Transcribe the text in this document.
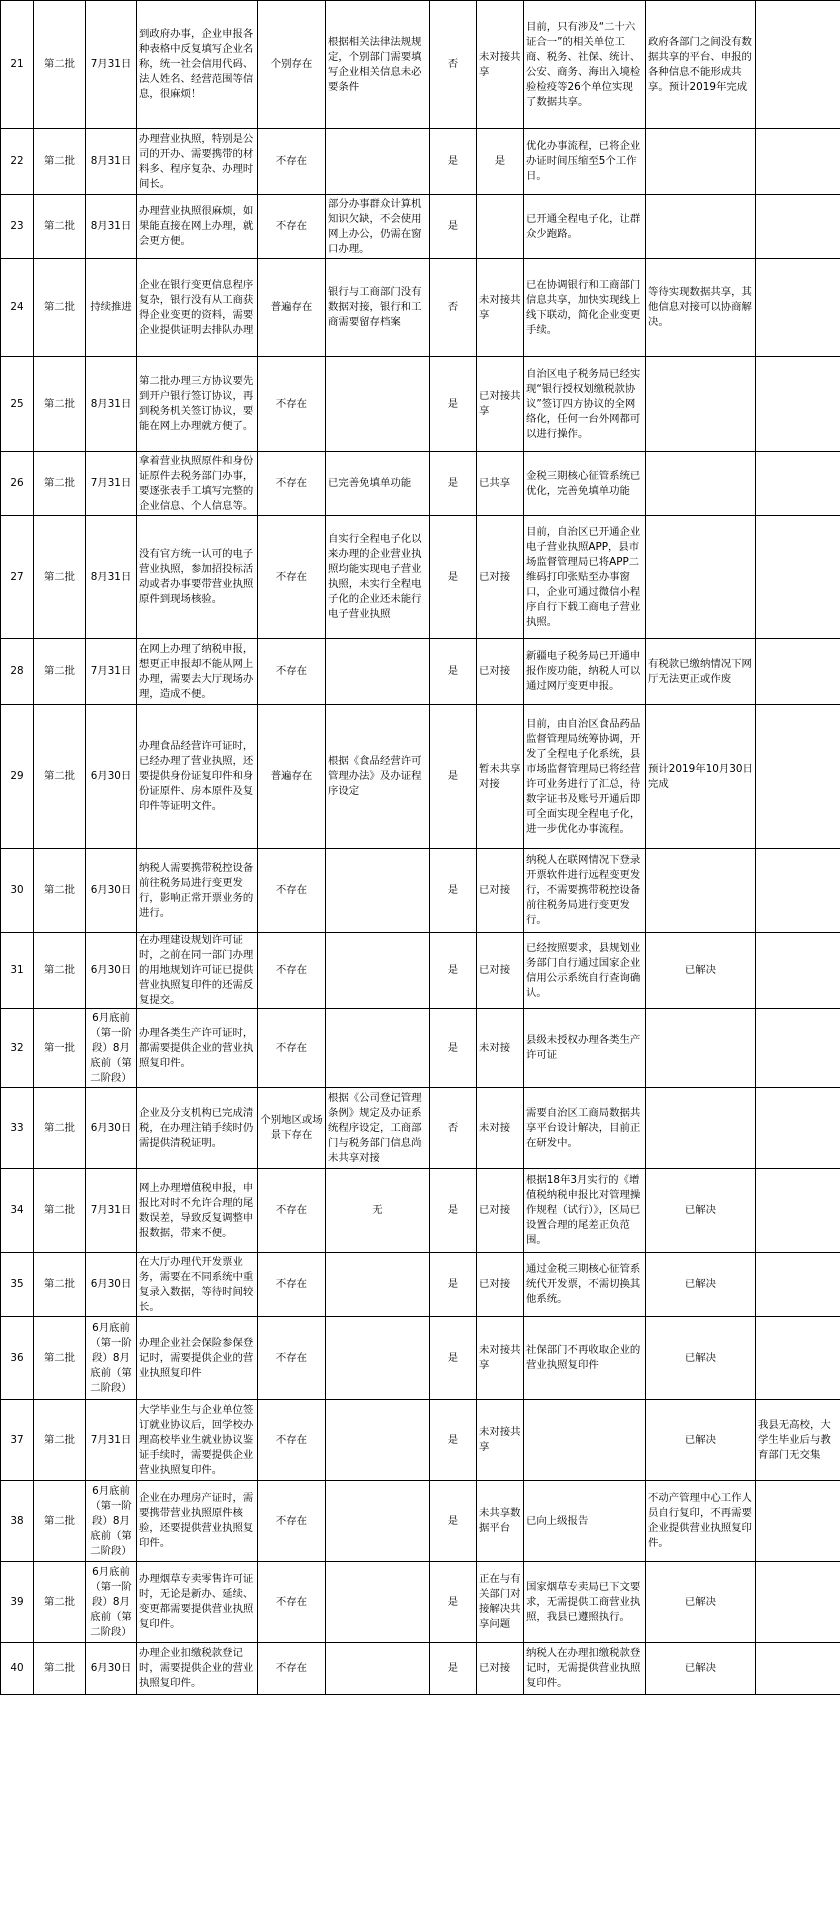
21	第二批	7月31日	到政府办事，企业申报各种表格中反复填写企业名称，统一社会信用代码、法人姓名、经营范围等信息，很麻烦！	个别存在	根据相关法律法规规定，个别部门需要填写企业相关信息未必要条件	否	未对接共享	目前，只有涉及“二十六证合一”的相关单位工商、税务、社保、统计、公安、商务、海出入境检验检疫等26个单位实现了数据共享。	政府各部门之间没有数据共享的平台、申报的各种信息不能形成共享。预计2019年完成	
22	第二批	8月31日	办理营业执照，特别是公司的开办、需要携带的材料多、程序复杂、办理时间长。	不存在		是	是	优化办事流程，已将企业办证时间压缩至5个工作日。		
23	第二批	8月31日	办理营业执照很麻烦，如果能直接在网上办理，就会更方便。	不存在	部分办事群众计算机知识欠缺，不会使用网上办公，仍需在窗口办理。	是		已开通全程电子化，让群众少跑路。		
24	第二批	持续推进	企业在银行变更信息程序复杂，银行没有从工商获得企业变更的资料，需要企业提供证明去排队办理	普遍存在	银行与工商部门没有数据对接，银行和工商需要留存档案	否	未对接共享	已在协调银行和工商部门信息共享，加快实现线上线下联动，简化企业变更手续。	等待实现数据共享，其他信息对接可以协商解决。	
25	第二批	8月31日	第二批办理三方协议要先到开户银行签订协议，再到税务机关签订协议，要能在网上办理就方便了。	不存在		是	已对接共享	自治区电子税务局已经实现“银行授权划缴税款协议”签订四方协议的全网络化，任何一台外网都可以进行操作。		
26	第二批	7月31日	拿着营业执照原件和身份证原件去税务部门办事，要逐张表手工填写完整的企业信息、个人信息等。	不存在	已完善免填单功能	是	已共享	金税三期核心征管系统已优化，完善免填单功能		
27	第二批	8月31日	没有官方统一认可的电子营业执照，参加招投标活动或者办事要带营业执照原件到现场核验。	不存在	自实行全程电子化以来办理的企业营业执照均能实现电子营业执照，未实行全程电子化的企业还未能行电子营业执照	是	已对接	目前，自治区已开通企业电子营业执照APP，县市场监督管理局已将APP二维码打印张贴至办事窗口，企业可通过微信小程序自行下载工商电子营业执照。		
28	第二批	7月31日	在网上办理了纳税申报，想更正申报却不能从网上办理，需要去大厅现场办理，造成不便。	不存在		是	已对接	新疆电子税务局已开通申报作废功能，纳税人可以通过网厅变更申报。	有税款已缴纳情况下网厅无法更正或作废	
29	第二批	6月30日	办理食品经营许可证时，已经办理了营业执照，还要提供身份证复印件和身份证原件、房本原件及复印件等证明文件。	普遍存在	根据《食品经营许可管理办法》及办证程序设定	是	暂未共享对接	目前，由自治区食品药品监督管理局统筹协调，开发了全程电子化系统，县市场监督管理局已将经营许可业务进行了汇总，待数字证书及账号开通后即可全面实现全程电子化，进一步优化办事流程。	预计2019年10月30日完成	
30	第二批	6月30日	纳税人需要携带税控设备前往税务局进行变更发行，影响正常开票业务的进行。	不存在		是	已对接	纳税人在联网情况下登录开票软件进行远程变更发行，不需要携带税控设备前往税务局进行变更发行。		
31	第二批	6月30日	在办理建设规划许可证时，之前在同一部门办理的用地规划许可证已提供营业执照复印件的还需反复提交。	不存在		是	已对接	已经按照要求，县规划业务部门自行通过国家企业信用公示系统自行查询确认。	已解决	
32	第一批	6月底前（第一阶段）8月底前（第二阶段）	办理各类生产许可证时，都需要提供企业的营业执照复印件。	不存在		是	未对接	县级未授权办理各类生产许可证		
33	第二批	6月30日	企业及分支机构已完成清税，在办理注销手续时仍需提供清税证明。	个别地区或场景下存在	根据《公司登记管理条例》规定及办证系统程序设定，工商部门与税务部门信息尚未共享对接	否	未对接	需要自治区工商局数据共享平台设计解决，目前正在研发中。		
34	第二批	7月31日	网上办理增值税申报，申报比对时不允许合理的尾数误差，导致反复调整申报数据，带来不便。	不存在	无	是	已对接	根据18年3月实行的《增值税纳税申报比对管理操作规程（试行）》，区局已设置合理的尾差正负范围。	已解决	
35	第二批	6月30日	在大厅办理代开发票业务，需要在不同系统中重复录入数据，等待时间较长。	不存在		是	已对接	通过金税三期核心征管系统代开发票，不需切换其他系统。	已解决	
36	第二批	6月底前（第一阶段）8月底前（第二阶段）	办理企业社会保险参保登记时，需要提供企业的营业执照复印件	不存在		是	未对接共享	社保部门不再收取企业的营业执照复印件	已解决	
37	第二批	7月31日	大学毕业生与企业单位签订就业协议后，回学校办理高校毕业生就业协议鉴证手续时，需要提供企业营业执照复印件。	不存在		是	未对接共享		已解决	我县无高校，大学生毕业后与教育部门无交集
38	第二批	6月底前（第一阶段）8月底前（第二阶段）	企业在办理房产证时，需要携带营业执照原件核验，还要提供营业执照复印件。	不存在		是	未共享数据平台	已向上级报告	不动产管理中心工作人员自行复印，不再需要企业提供营业执照复印件。	
39	第二批	6月底前（第一阶段）8月底前（第二阶段）	办理烟草专卖零售许可证时，无论是新办、延续、变更都需要提供营业执照复印件。	不存在		是	正在与有关部门对接解决共享问题	国家烟草专卖局已下文要求，无需提供工商营业执照，我县已遵照执行。	已解决	
40	第二批	6月30日	办理企业扣缴税款登记时，需要提供企业的营业执照复印件。	不存在		是	已对接	纳税人在办理扣缴税款登记时，无需提供营业执照复印件。	已解决	
